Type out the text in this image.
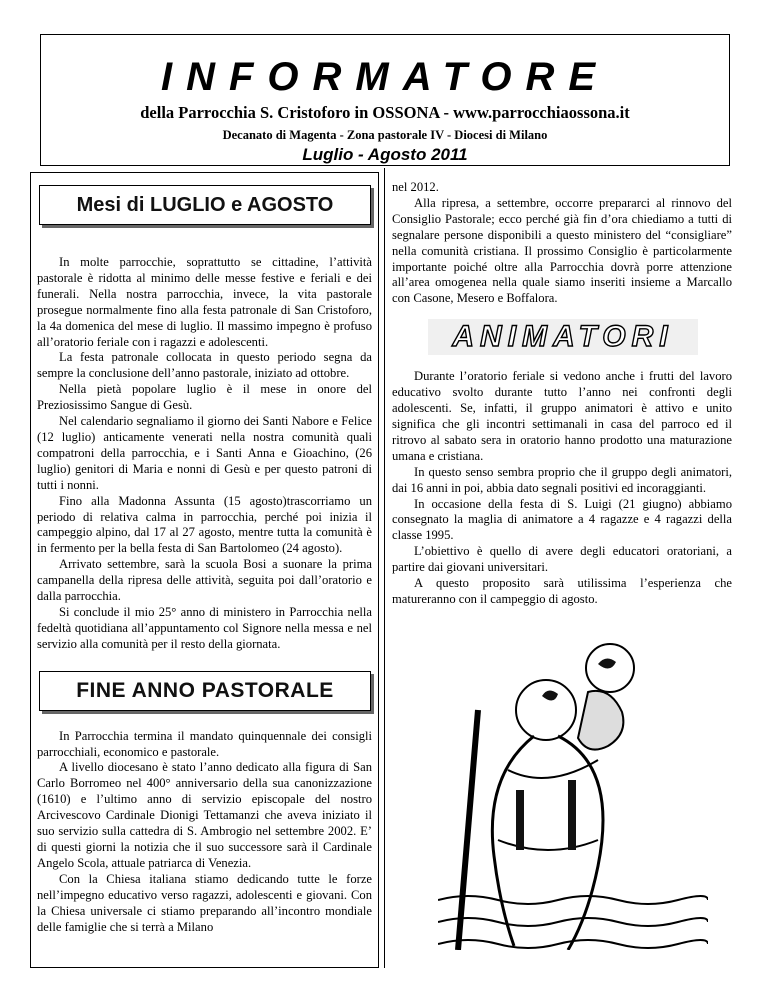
INFORMATORE
della Parrocchia S. Cristoforo in OSSONA - www.parrocchiaossona.it
Decanato di Magenta - Zona pastorale IV - Diocesi di Milano
Luglio - Agosto 2011
Mesi di LUGLIO e AGOSTO

In molte parrocchie, soprattutto se cittadine, l’attività pastorale è ridotta al minimo delle messe festive e feriali e dei funerali. Nella nostra parrocchia, invece, la vita pastorale prosegue normalmente fino alla festa patronale di San Cristoforo, la 4a domenica del mese di luglio. Il massimo impegno è profuso all’oratorio feriale con i ragazzi e adolescenti.

La festa patronale collocata in questo periodo segna da sempre la conclusione dell’anno pastorale, iniziato ad ottobre.

Nella pietà popolare luglio è il mese in onore del Preziosissimo Sangue di Gesù.

Nel calendario segnaliamo il giorno dei Santi Nabore e Felice (12 luglio) anticamente venerati nella nostra comunità quali compatroni della parrocchia, e i Santi Anna e Gioachino, (26 luglio) genitori di Maria e nonni di Gesù e per questo patroni di tutti i nonni.

Fino alla Madonna Assunta (15 agosto)trascorriamo un periodo di relativa calma in parrocchia, perché poi inizia il campeggio alpino, dal 17 al 27 agosto, mentre tutta la comunità è in fermento per la bella festa di San Bartolomeo (24 agosto).

Arrivato settembre, sarà la scuola Bosi a suonare la prima campanella della ripresa delle attività, seguita poi dall’oratorio e dalla parrocchia.

Si conclude il mio 25° anno di ministero in Parrocchia nella fedeltà quotidiana all’appuntamento col Signore nella messa e nel servizio alla comunità per il resto della giornata.

FINE ANNO PASTORALE

In Parrocchia termina il mandato quinquennale dei consigli parrocchiali, economico e pastorale.

A livello diocesano è stato l’anno dedicato alla figura di San Carlo Borromeo nel 400° anniversario della sua canonizzazione (1610) e l’ultimo anno di servizio episcopale del nostro Arcivescovo Cardinale Dionigi Tettamanzi che aveva iniziato il suo servizio sulla cattedra di S. Ambrogio nel settembre 2002. E’ di questi giorni la notizia che il suo successore sarà il Cardinale Angelo Scola, attuale patriarca di Venezia.

Con la Chiesa italiana stiamo dedicando tutte le forze nell’impegno educativo verso ragazzi, adolescenti e giovani. Con la Chiesa universale ci stiamo preparando all’incontro mondiale delle famiglie che si terrà a Milano

nel 2012.

Alla ripresa, a settembre, occorre prepararci al rinnovo del Consiglio Pastorale; ecco perché già fin d’ora chiediamo a tutti di segnalare persone disponibili a questo ministero del “consigliare” nella comunità cristiana. Il prossimo Consiglio è particolarmente importante poiché oltre alla Parrocchia dovrà porre attenzione all’area omogenea nella quale siamo inseriti insieme a Marcallo con Casone, Mesero e Boffalora.

ANIMATORI

Durante l’oratorio feriale si vedono anche i frutti del lavoro educativo svolto durante tutto l’anno nei confronti degli adolescenti. Se, infatti, il gruppo animatori è attivo e unito significa che gli incontri settimanali in casa del parroco ed il ritrovo al sabato sera in oratorio hanno prodotto una maturazione umana e cristiana.

In questo senso sembra proprio che il gruppo degli animatori, dai 16 anni in poi, abbia dato segnali positivi ed incoraggianti.

In occasione della festa di S. Luigi (21 giugno) abbiamo consegnato la maglia di animatore a 4 ragazze e 4 ragazzi della classe 1995.

L’obiettivo è quello di avere degli educatori oratoriani, a partire dai giovani universitari.

A questo proposito sarà utilissima l’esperienza che matureranno con il campeggio di agosto.
